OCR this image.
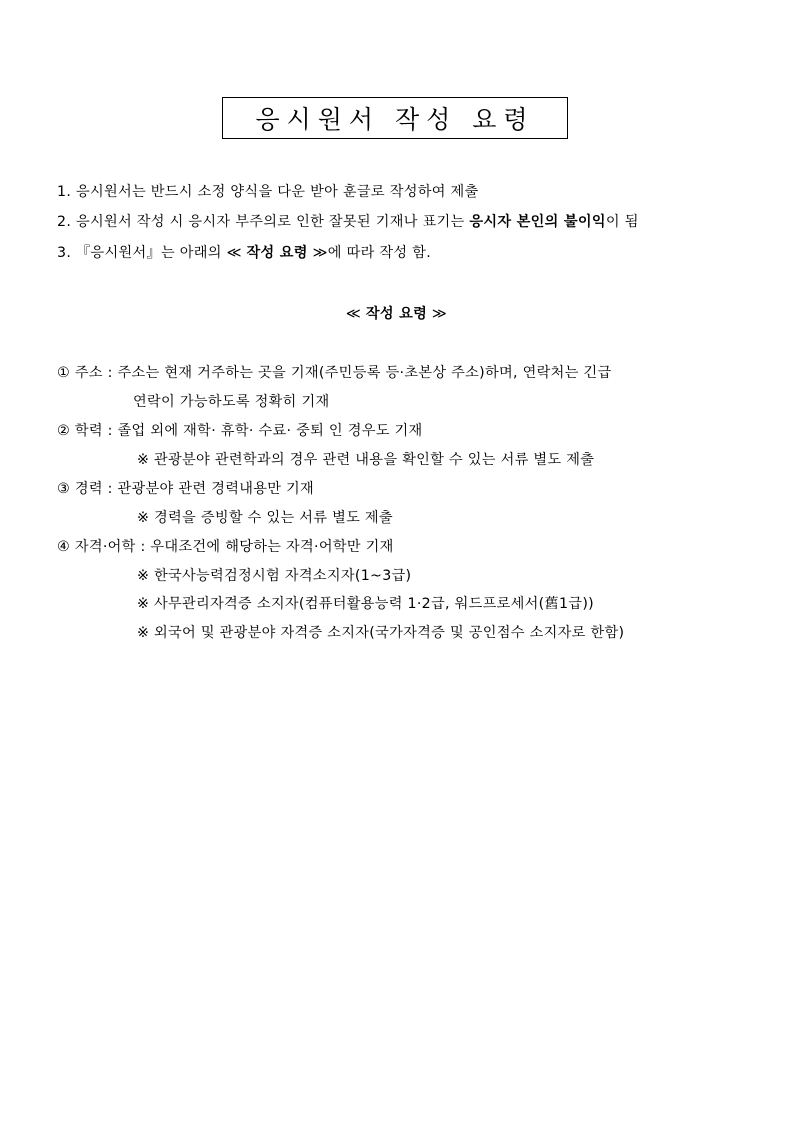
응시원서 작성 요령
1. 응시원서는 반드시 소정 양식을 다운 받아 훈글로 작성하여 제출
2. 응시원서 작성 시 응시자 부주의로 인한 잘못된 기재나 표기는 응시자 본인의 불이익이 됨
3. 『응시원서』는 아래의 ≪ 작성 요령 ≫에 따라 작성 함.
≪ 작성 요령 ≫
① 주소 : 주소는 현재 거주하는 곳을 기재(주민등록 등·초본상 주소)하며, 연락처는 긴급
연락이 가능하도록 정확히 기재
② 학력 : 졸업 외에 재학· 휴학· 수료· 중퇴 인 경우도 기재
※ 관광분야 관련학과의 경우 관련 내용을 확인할 수 있는 서류 별도 제출
③ 경력 : 관광분야 관련 경력내용만 기재
※ 경력을 증빙할 수 있는 서류 별도 제출
④ 자격·어학 : 우대조건에 해당하는 자격·어학만 기재
※ 한국사능력검정시험 자격소지자(1~3급)
※ 사무관리자격증 소지자(컴퓨터활용능력 1·2급, 워드프로세서(舊1급))
※ 외국어 및 관광분야 자격증 소지자(국가자격증 및 공인점수 소지자로 한함)
